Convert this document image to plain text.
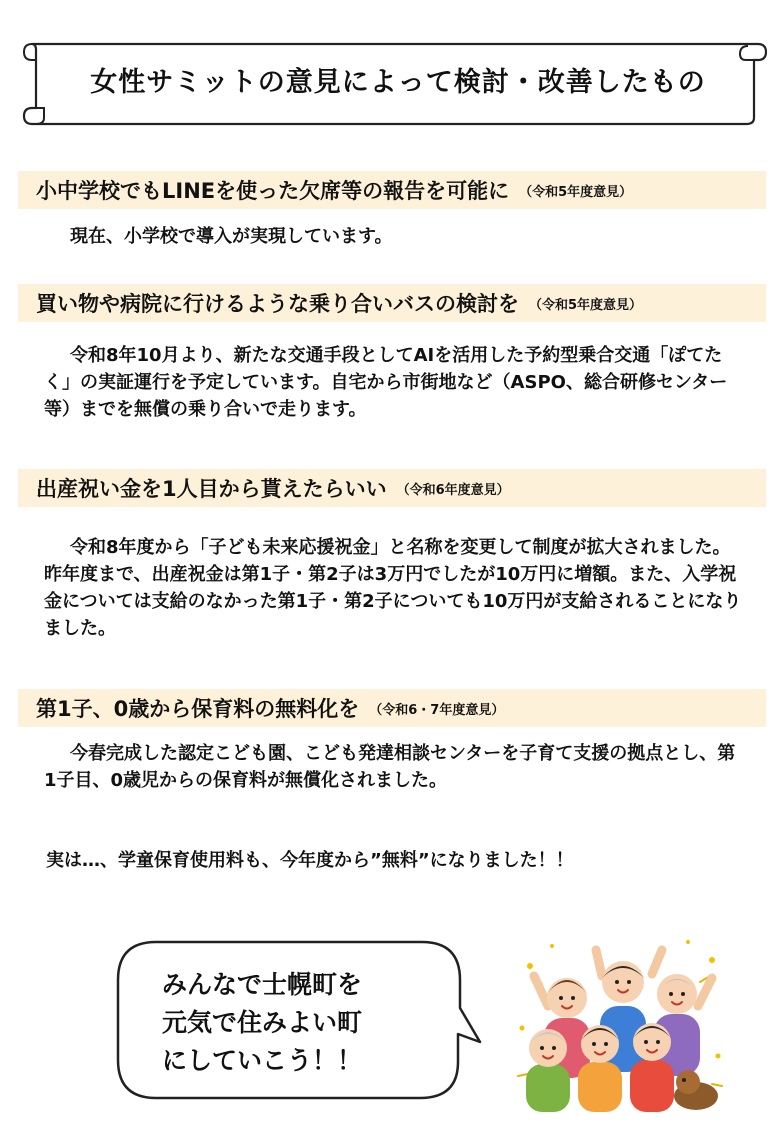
女性サミットの意見によって検討・改善したもの
小中学校でもLINEを使った欠席等の報告を可能に （令和5年度意見）
現在、小学校で導入が実現しています。
買い物や病院に行けるような乗り合いバスの検討を （令和5年度意見）
令和8年10月より、新たな交通手段としてAIを活用した予約型乗合交通「ぽてたく」の実証運行を予定しています。自宅から市街地など（ASPO、総合研修センター等）までを無償の乗り合いで走ります。
出産祝い金を1人目から貰えたらいい （令和6年度意見）
令和8年度から「子ども未来応援祝金」と名称を変更して制度が拡大されました。昨年度まで、出産祝金は第1子・第2子は3万円でしたが10万円に増額。また、入学祝金については支給のなかった第1子・第2子についても10万円が支給されることになりました。
第1子、0歳から保育料の無料化を （令和6・7年度意見）
今春完成した認定こども園、こども発達相談センターを子育て支援の拠点とし、第1子目、0歳児からの保育料が無償化されました。
実は…、学童保育使用料も、今年度から”無料”になりました！！
みんなで士幌町を
元気で住みよい町
にしていこう！！
